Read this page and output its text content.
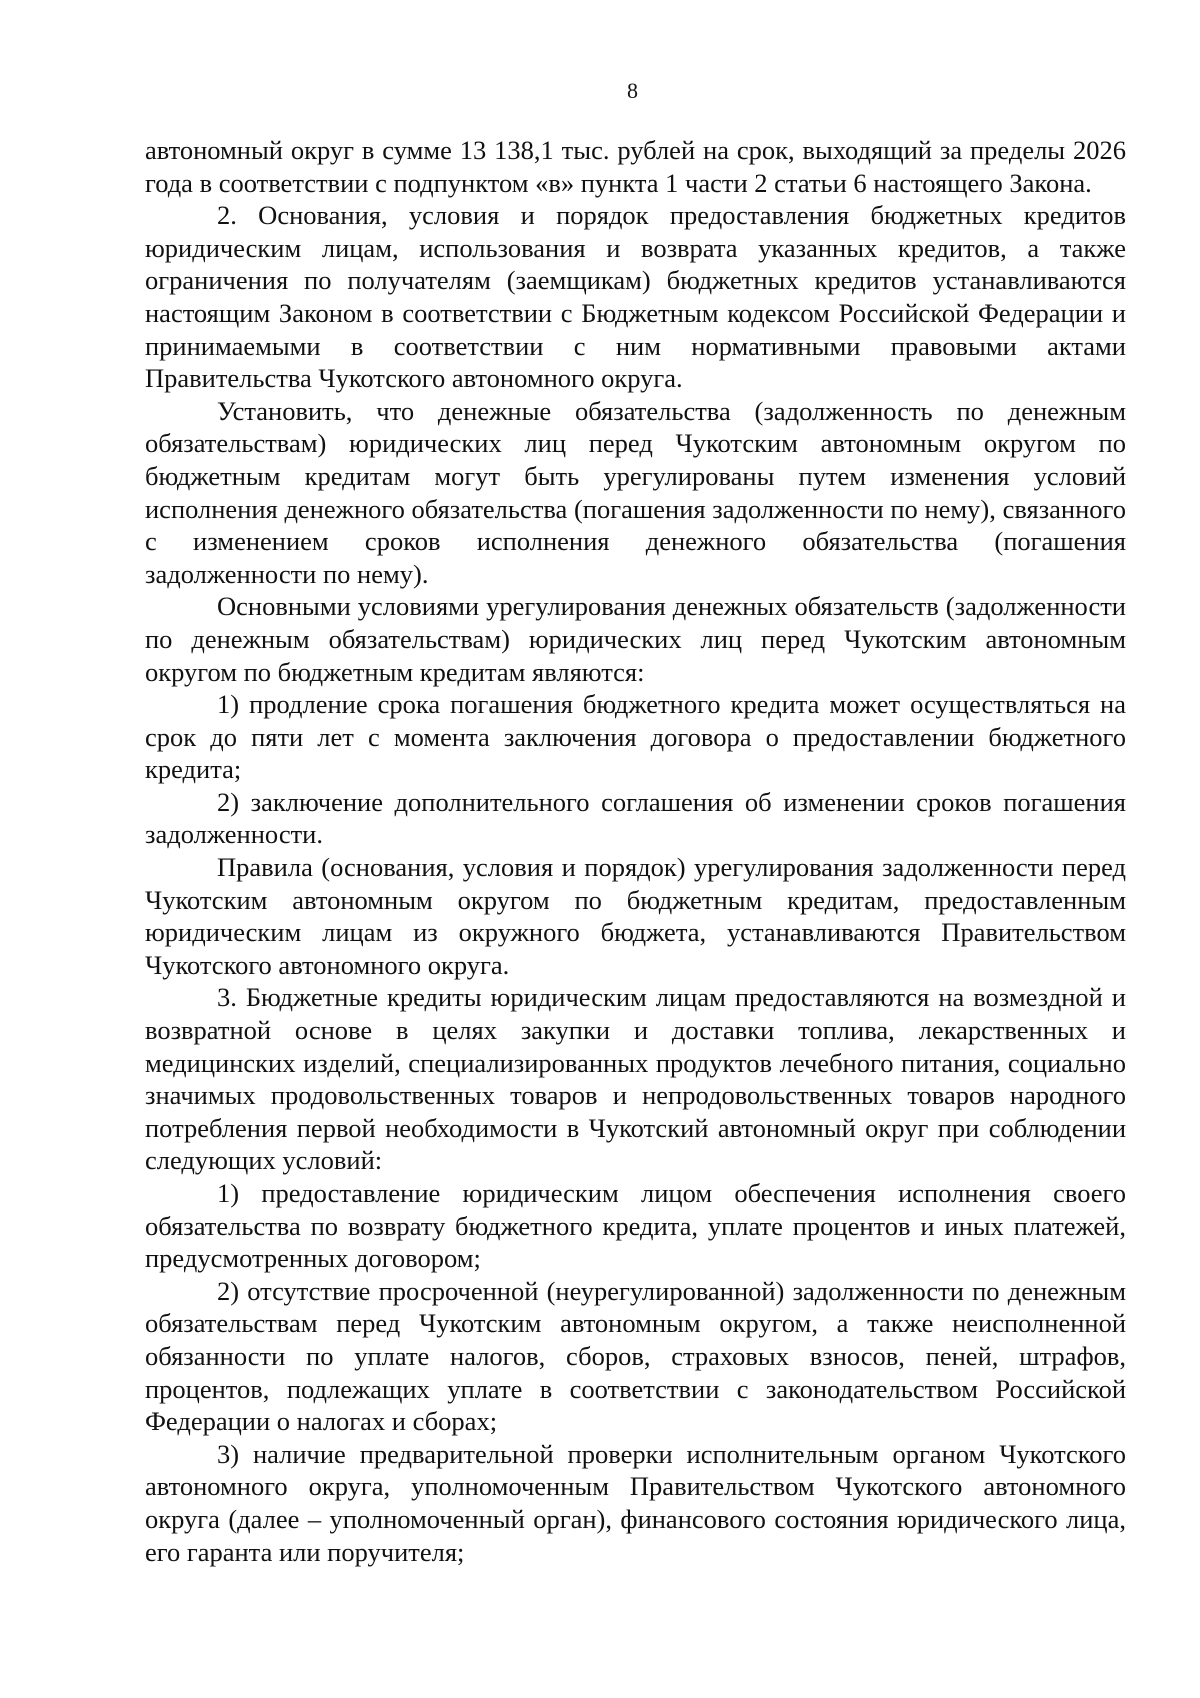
8

автономный округ в сумме 13 138,1 тыс. рублей на срок, выходящий за пределы 2026 года в соответствии с подпунктом «в» пункта 1 части 2 статьи 6 настоящего Закона.

2. Основания, условия и порядок предоставления бюджетных кредитов юридическим лицам, использования и возврата указанных кредитов, а также ограничения по получателям (заемщикам) бюджетных кредитов устанавливаются настоящим Законом в соответствии с Бюджетным кодексом Российской Федерации и принимаемыми в соответствии с ним нормативными правовыми актами Правительства Чукотского автономного округа.

Установить, что денежные обязательства (задолженность по денежным обязательствам) юридических лиц перед Чукотским автономным округом по бюджетным кредитам могут быть урегулированы путем изменения условий исполнения денежного обязательства (погашения задолженности по нему), связанного с изменением сроков исполнения денежного обязательства (погашения задолженности по нему).

Основными условиями урегулирования денежных обязательств (задолженности по денежным обязательствам) юридических лиц перед Чукотским автономным округом по бюджетным кредитам являются:

1) продление срока погашения бюджетного кредита может осуществляться на срок до пяти лет с момента заключения договора о предоставлении бюджетного кредита;

2) заключение дополнительного соглашения об изменении сроков погашения задолженности.

Правила (основания, условия и порядок) урегулирования задолженности перед Чукотским автономным округом по бюджетным кредитам, предоставленным юридическим лицам из окружного бюджета, устанавливаются Правительством Чукотского автономного округа.

3. Бюджетные кредиты юридическим лицам предоставляются на возмездной и возвратной основе в целях закупки и доставки топлива, лекарственных и медицинских изделий, специализированных продуктов лечебного питания, социально значимых продовольственных товаров и непродовольственных товаров народного потребления первой необходимости в Чукотский автономный округ при соблюдении следующих условий:

1) предоставление юридическим лицом обеспечения исполнения своего обязательства по возврату бюджетного кредита, уплате процентов и иных платежей, предусмотренных договором;

2) отсутствие просроченной (неурегулированной) задолженности по денежным обязательствам перед Чукотским автономным округом, а также неисполненной обязанности по уплате налогов, сборов, страховых взносов, пеней, штрафов, процентов, подлежащих уплате в соответствии с законодательством Российской Федерации о налогах и сборах;

3) наличие предварительной проверки исполнительным органом Чукотского автономного округа, уполномоченным Правительством Чукотского автономного округа (далее – уполномоченный орган), финансового состояния юридического лица, его гаранта или поручителя;
